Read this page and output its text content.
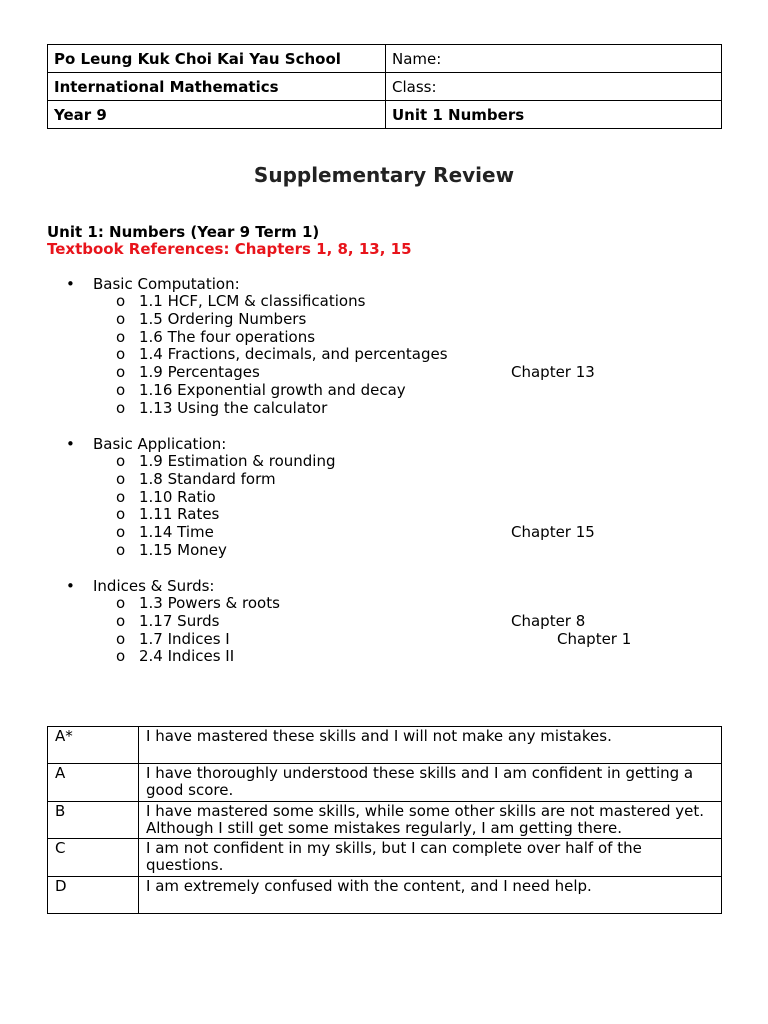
Po Leung Kuk Choi Kai Yau School	Name:
International Mathematics	Class:
Year 9	Unit 1 Numbers
Supplementary Review
Unit 1: Numbers (Year 9 Term 1)
Textbook References: Chapters 1, 8, 13, 15
• Basic Computation:
o 1.1 HCF, LCM & classifications
o 1.5 Ordering Numbers
o 1.6 The four operations
o 1.4 Fractions, decimals, and percentages
o 1.9 Percentages	Chapter 13
o 1.16 Exponential growth and decay
o 1.13 Using the calculator
• Basic Application:
o 1.9 Estimation & rounding
o 1.8 Standard form
o 1.10 Ratio
o 1.11 Rates
o 1.14 Time	Chapter 15
o 1.15 Money
• Indices & Surds:
o 1.3 Powers & roots
o 1.17 Surds	Chapter 8
o 1.7 Indices I	Chapter 1
o 2.4 Indices II
A*	I have mastered these skills and I will not make any mistakes.
A	I have thoroughly understood these skills and I am confident in getting a good score.
B	I have mastered some skills, while some other skills are not mastered yet. Although I still get some mistakes regularly, I am getting there.
C	I am not confident in my skills, but I can complete over half of the questions.
D	I am extremely confused with the content, and I need help.
